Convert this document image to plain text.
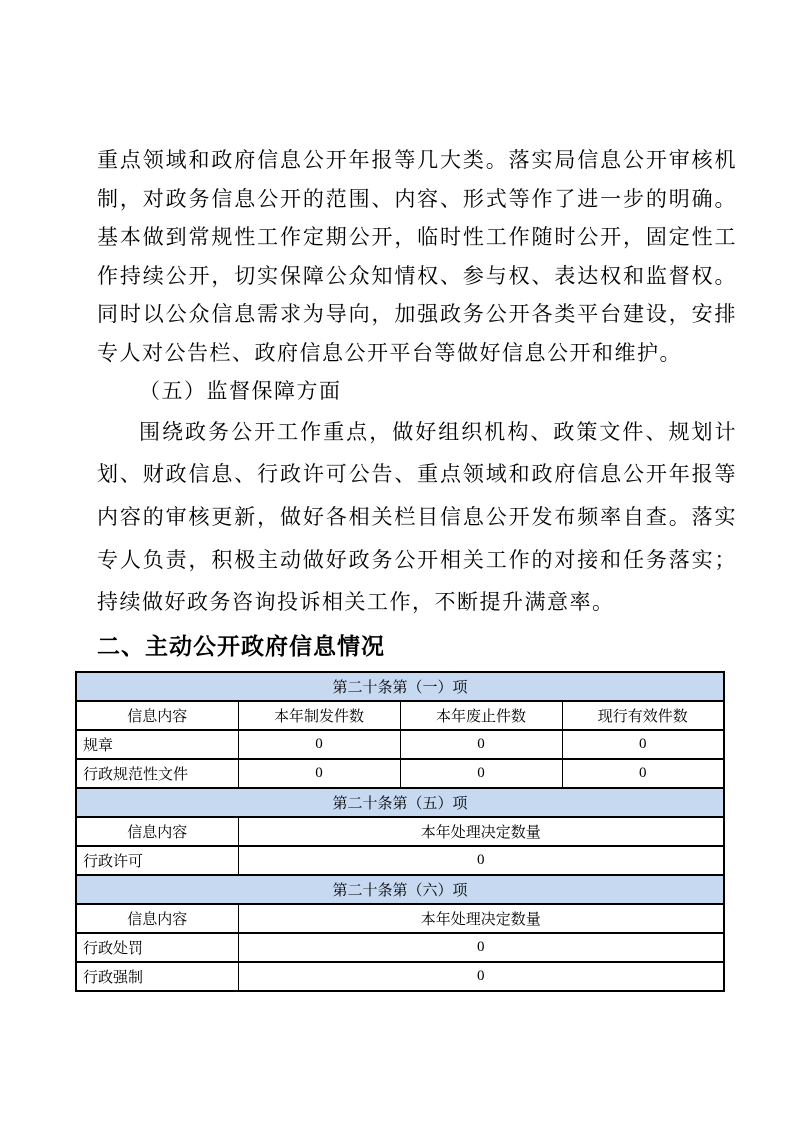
重点领域和政府信息公开年报等几大类。落实局信息公开审核机制，对政务信息公开的范围、内容、形式等作了进一步的明确。基本做到常规性工作定期公开，临时性工作随时公开，固定性工作持续公开，切实保障公众知情权、参与权、表达权和监督权。同时以公众信息需求为导向，加强政务公开各类平台建设，安排专人对公告栏、政府信息公开平台等做好信息公开和维护。

（五）监督保障方面

围绕政务公开工作重点，做好组织机构、政策文件、规划计划、财政信息、行政许可公告、重点领域和政府信息公开年报等内容的审核更新，做好各相关栏目信息公开发布频率自查。落实专人负责，积极主动做好政务公开相关工作的对接和任务落实；持续做好政务咨询投诉相关工作，不断提升满意率。

二、主动公开政府信息情况
第二十条第（一）项			
信息内容	本年制发件数	本年废止件数	现行有效件数
规章	0	0	0
行政规范性文件	0	0	0
第二十条第（五）项			
信息内容	本年处理决定数量		
行政许可	0		
第二十条第（六）项			
信息内容	本年处理决定数量		
行政处罚	0		
行政强制	0		
